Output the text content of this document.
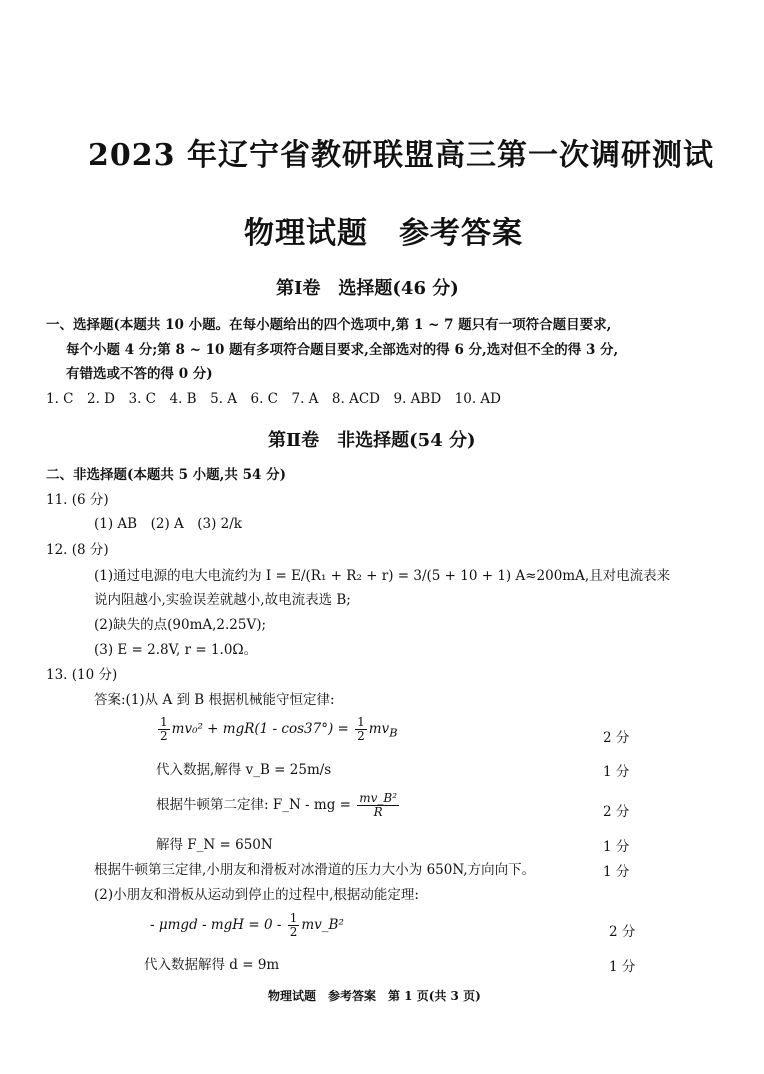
2023 年辽宁省教研联盟高三第一次调研测试
物理试题　参考答案
第Ⅰ卷　选择题(46 分)
一、选择题(本题共 10 小题。在每小题给出的四个选项中,第 1 ~ 7 题只有一项符合题目要求,
每个小题 4 分;第 8 ~ 10 题有多项符合题目要求,全部选对的得 6 分,选对但不全的得 3 分,
有错选或不答的得 0 分)
1. C　2. D　3. C　4. B　5. A　6. C　7. A　8. ACD　9. ABD　10. AD
第Ⅱ卷　非选择题(54 分)
二、非选择题(本题共 5 小题,共 54 分)
11. (6 分)
(1) AB　(2) A　(3) 2/k
12. (8 分)
(1)通过电源的电大电流约为 I = E/(R₁ + R₂ + r) = 3/(5 + 10 + 1) A≈200mA,且对电流表来
说内阻越小,实验误差就越小,故电流表选 B;
(2)缺失的点(90mA,2.25V);
(3) E = 2.8V, r = 1.0Ω。
13. (10 分)
答案:(1)从 A 到 B 根据机械能守恒定律:
$\frac{1}{2} mv_0^2 + mgR(1 - \cos 37^\circ) = \frac{1}{2} mv_B$	2 分
代入数据,解得 v_B = 25m/s	1 分
根据牛顿第二定律: F_N - mg = $\frac{\text{mv\_B²}}{R}$	2 分
解得 F_N = 650N	1 分
根据牛顿第三定律,小朋友和滑板对冰滑道的压力大小为 650N,方向向下。	1 分
(2)小朋友和滑板从运动到停止的过程中,根据动能定理:
- μmgd - mgH = $0 - \frac{1}{2}$ mv_B²	2 分
代入数据解得 d = 9m	1 分
物理试题　参考答案　第 1 页(共 3 页)
